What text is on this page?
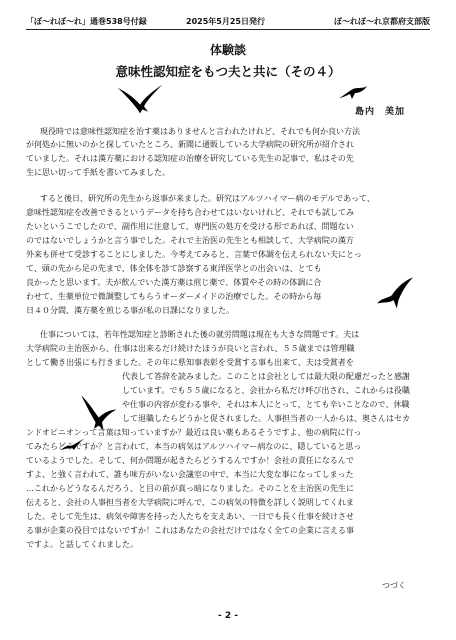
「ぽ～れぽ～れ」通巻538号付録	2025年5月25日発行	ぽ～れぽ～れ京都府支部版
体験談
意味性認知症をもつ夫と共に（その４）
島内　美加
現役時では意味性認知症を治す薬はありませんと言われたけれど、それでも何か良い方法
が何処かに無いのかと探していたところ、新聞に通販している大学病院の研究所が紹介され
ていました。それは漢方薬における認知症の治療を研究している先生の記事で、私はその先
生に思い切って手紙を書いてみました。
すると後日、研究所の先生から返事が来ました。研究はアルツハイマー病のモデルであって、
意味性認知症を改善できるというデータを持ち合わせてはいないけれど、それでも試してみ
たいというこでしたので、副作用に注意して、専門医の処方を受ける形であれば、問題ない
のではないでしょうかと言う事でした。それで主治医の先生とも相談して、大学病院の漢方
外来も併せて受診することにしました。今考えてみると、言葉で体調を伝えられない夫にとっ
て、頭の先から足の先まで、体全体を診て診察する東洋医学との出会いは、とても
良かったと思います。夫が飲んでいた漢方薬は煎じ薬で、体質やその時の体調に合
わせて、生薬単位で微調整してもらうオーダーメイドの治療でした。その時から毎
日４０分間、漢方薬を煎じる事が私の日課になりました。
仕事については、若年性認知症と診断された後の就労問題は現在も大きな問題です。夫は
大学病院の主治医から、仕事は出来るだけ続けたほうが良いと言われ、５５歳までは管理職
として働き出張にも行きました。その年に県知事表彰を受賞する事も出来て、夫は受賞者を
代表して答辞を読みました。このことは会社としては最大限の配慮だったと感謝
しています。でも５５歳になると、会社から私だけ呼び出され、これからは役職
や仕事の内容が変わる事や、それは本人にとって、とても辛いことなので、休職
して退職したらどうかと促されました。人事担当者の一人からは、奥さんはセカ
ンドオピニオンって言葉は知っていますか？最近は良い薬もあるそうですよ、他の病院に行っ
てみたらどうですか？と言われて、本当の病気はアルツハイマー病なのに、隠していると思っ
ているようでした。そして、何か問題が起きたらどうするんですか！会社の責任になるんで
すよ、と強く言われて、誰も味方がいない会議室の中で、本当に大変な事になってしまった
…これからどうなるんだろう、と目の前が真っ暗になりました。そのことを主治医の先生に
伝えると、会社の人事担当者を大学病院に呼んで、この病気の特徴を詳しく説明してくれま
した。そして先生は、病気や障害を持った人たちを支えあい、一日でも長く仕事を続けさせ
る事が企業の役目ではないですか！これはあなたの会社だけではなく全ての企業に言える事
ですよ。と話してくれました。
つづく
- 2 -
